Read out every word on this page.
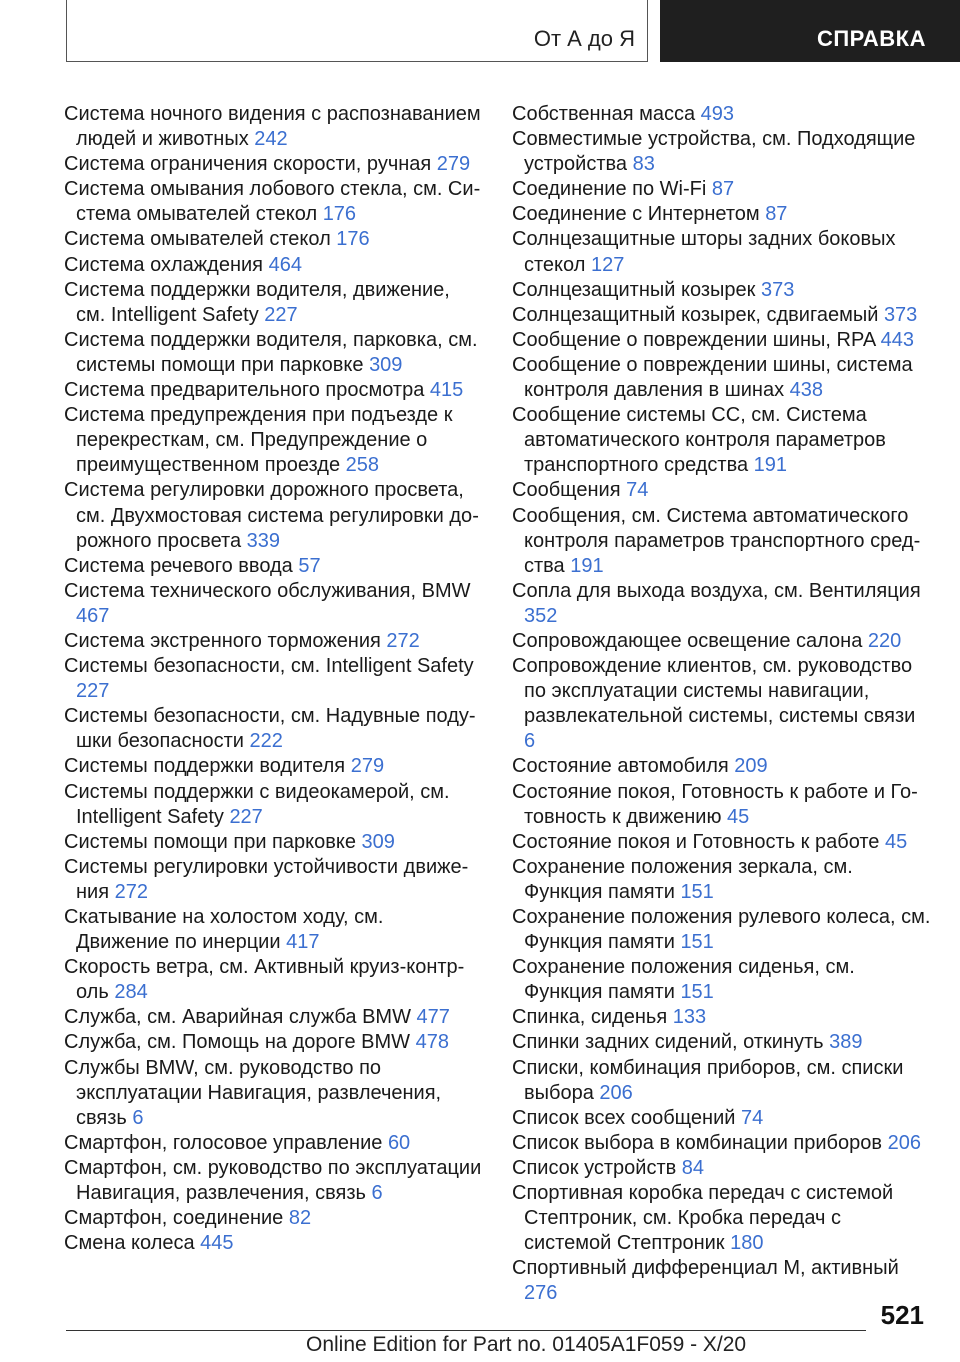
От А до Я	СПРАВКА

Система ночного видения с распознаванием людей и животных 242

Система ограничения скорости, ручная 279

Система омывания лобового стекла, см. Система омывателей стекол 176

Система омывателей стекол 176

Система охлаждения 464

Система поддержки водителя, движение, см. Intelligent Safety 227

Система поддержки водителя, парковка, см. системы помощи при парковке 309

Система предварительного просмотра 415

Система предупреждения при подъезде к перекресткам, см. Предупреждение о преимущественном проезде 258

Система регулировки дорожного просвета, см. Двухмостовая система регулировки дорожного просвета 339

Система речевого ввода 57

Система технического обслуживания, BMW 467

Система экстренного торможения 272

Системы безопасности, см. Intelligent Safety 227

Системы безопасности, см. Надувные подушки безопасности 222

Системы поддержки водителя 279

Системы поддержки с видеокамерой, см. Intelligent Safety 227

Системы помощи при парковке 309

Системы регулировки устойчивости движения 272

Скатывание на холостом ходу, см. Движение по инерции 417

Скорость ветра, см. Активный круиз-контроль 284

Служба, см. Аварийная служба BMW 477

Служба, см. Помощь на дороге BMW 478

Службы BMW, см. руководство по эксплуатации Навигация, развлечения, связь 6

Смартфон, голосовое управление 60

Смартфон, см. руководство по эксплуатации Навигация, развлечения, связь 6

Смартфон, соединение 82

Смена колеса 445

Собственная масса 493

Совместимые устройства, см. Подходящие устройства 83

Соединение по Wi-Fi 87

Соединение с Интернетом 87

Солнцезащитные шторы задних боковых стекол 127

Солнцезащитный козырек 373

Солнцезащитный козырек, сдвигаемый 373

Сообщение о повреждении шины, RPA 443

Сообщение о повреждении шины, система контроля давления в шинах 438

Сообщение системы CC, см. Система автоматического контроля параметров транспортного средства 191

Сообщения 74

Сообщения, см. Система автоматического контроля параметров транспортного средства 191

Сопла для выхода воздуха, см. Вентиляция 352

Сопровождающее освещение салона 220

Сопровождение клиентов, см. руководство по эксплуатации системы навигации, развлекательной системы, системы связи 6

Состояние автомобиля 209

Состояние покоя, Готовность к работе и Готовность к движению 45

Состояние покоя и Готовность к работе 45

Сохранение положения зеркала, см. Функция памяти 151

Сохранение положения рулевого колеса, см. Функция памяти 151

Сохранение положения сиденья, см. Функция памяти 151

Спинка, сиденья 133

Спинки задних сидений, откинуть 389

Списки, комбинация приборов, см. списки выбора 206

Список всех сообщений 74

Список выбора в комбинации приборов 206

Список устройств 84

Спортивная коробка передач с системой Стептроник, см. Кробка передач с системой Стептроник 180

Спортивный дифференциал M, активный 276

521
Online Edition for Part no. 01405A1F059 - X/20
